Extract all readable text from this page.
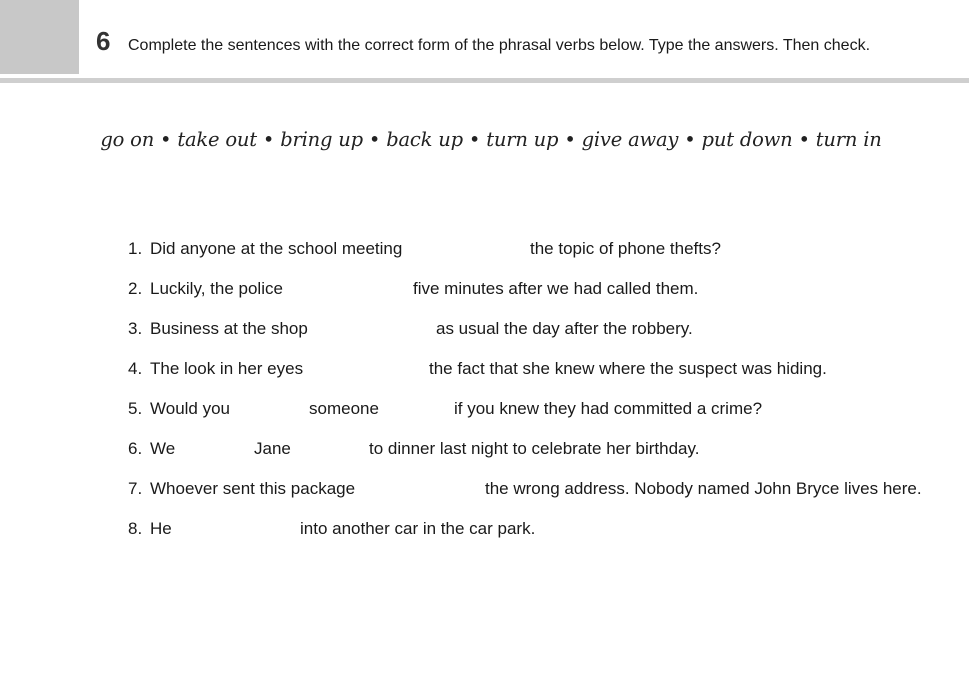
6 Complete the sentences with the correct form of the phrasal verbs below. Type the answers. Then check.
go on • take out • bring up • back up • turn up • give away • put down • turn in
1. Did anyone at the school meeting	the topic of phone thefts?
2. Luckily, the police	five minutes after we had called them.
3. Business at the shop	as usual the day after the robbery.
4. The look in her eyes	the fact that she knew where the suspect was hiding.
5. Would you	someone	if you knew they had committed a crime?
6. We	Jane	to dinner last night to celebrate her birthday.
7. Whoever sent this package	the wrong address. Nobody named John Bryce lives here.
8. He	into another car in the car park.
